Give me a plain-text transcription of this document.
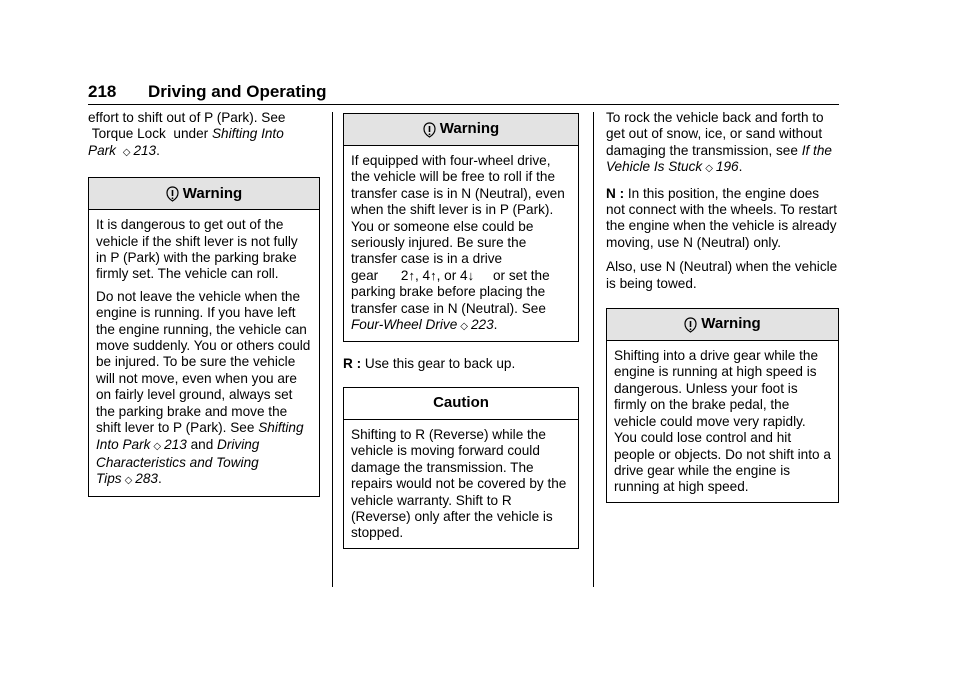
218 Driving and Operating

effort to shift out of P (Park). See
Torque Lock under Shifting Into
Park ◇ 213.

Warning

It is dangerous to get out of the vehicle if the shift lever is not fully in P (Park) with the parking brake firmly set. The vehicle can roll.

Do not leave the vehicle when the engine is running. If you have left the engine running, the vehicle can move suddenly. You or others could be injured. To be sure the vehicle will not move, even when you are on fairly level ground, always set the parking brake and move the shift lever to P (Park). See Shifting Into Park ◇ 213 and Driving Characteristics and Towing Tips ◇ 283.

Warning

If equipped with four-wheel drive, the vehicle will be free to roll if the transfer case is in N (Neutral), even when the shift lever is in P (Park). You or someone else could be seriously injured. Be sure the transfer case is in a drive
gear 2↑, 4↑, or 4↓ or set the parking brake before placing the transfer case in N (Neutral). See Four-Wheel Drive ◇ 223.

R : Use this gear to back up.

Caution

Shifting to R (Reverse) while the vehicle is moving forward could damage the transmission. The repairs would not be covered by the vehicle warranty. Shift to R (Reverse) only after the vehicle is stopped.

To rock the vehicle back and forth to get out of snow, ice, or sand without damaging the transmission, see If the Vehicle Is Stuck ◇ 196.

N : In this position, the engine does not connect with the wheels. To restart the engine when the vehicle is already moving, use N (Neutral) only.

Also, use N (Neutral) when the vehicle is being towed.

Warning

Shifting into a drive gear while the engine is running at high speed is dangerous. Unless your foot is firmly on the brake pedal, the vehicle could move very rapidly. You could lose control and hit people or objects. Do not shift into a drive gear while the engine is running at high speed.
